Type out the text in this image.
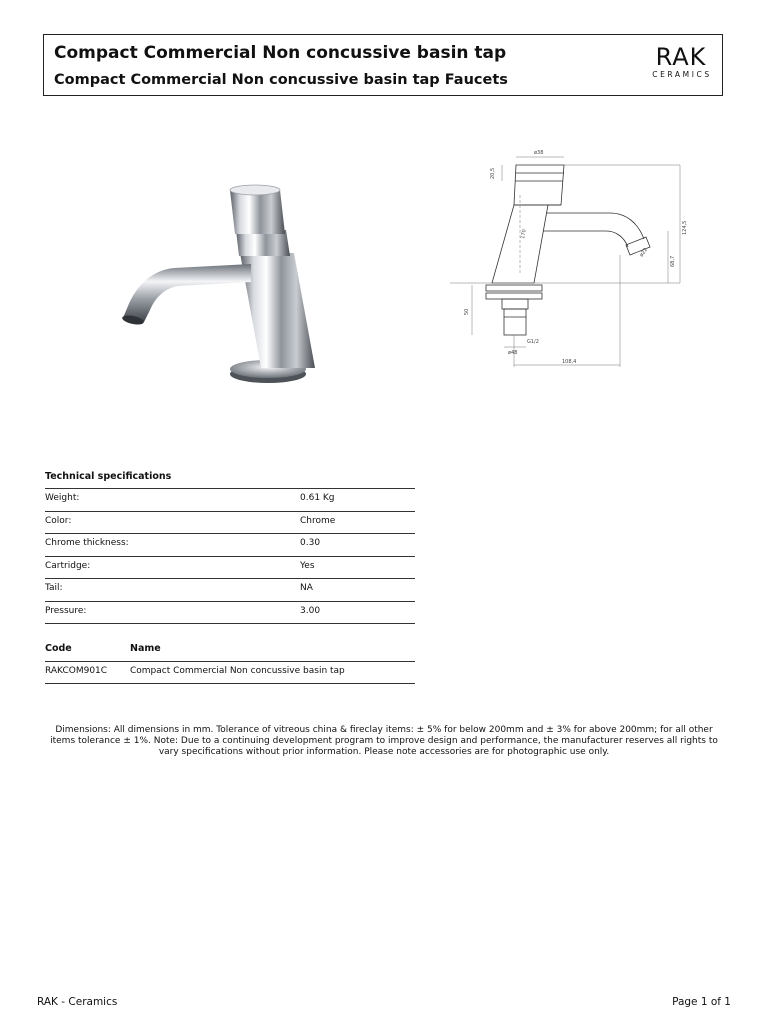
Compact Commercial Non concussive basin tap
Compact Commercial Non concussive basin tap Faucets
RAK
CERAMICS
ø38
20,5
170	124,5
68,7
ø22
50
G1/2
ø48
108,4
Technical specifications
Weight:	0.61 Kg
Color:	Chrome
Chrome thickness:	0.30
Cartridge:	Yes
Tail:	NA
Pressure:	3.00
Code	Name
RAKCOM901C	Compact Commercial Non concussive basin tap
Dimensions: All dimensions in mm. Tolerance of vitreous china & fireclay items: ± 5% for below 200mm and ± 3% for above 200mm; for all other items tolerance ± 1%. Note: Due to a continuing development program to improve design and performance, the manufacturer reserves all rights to vary specifications without prior information. Please note accessories are for photographic use only.
RAK - Ceramics	Page 1 of 1
